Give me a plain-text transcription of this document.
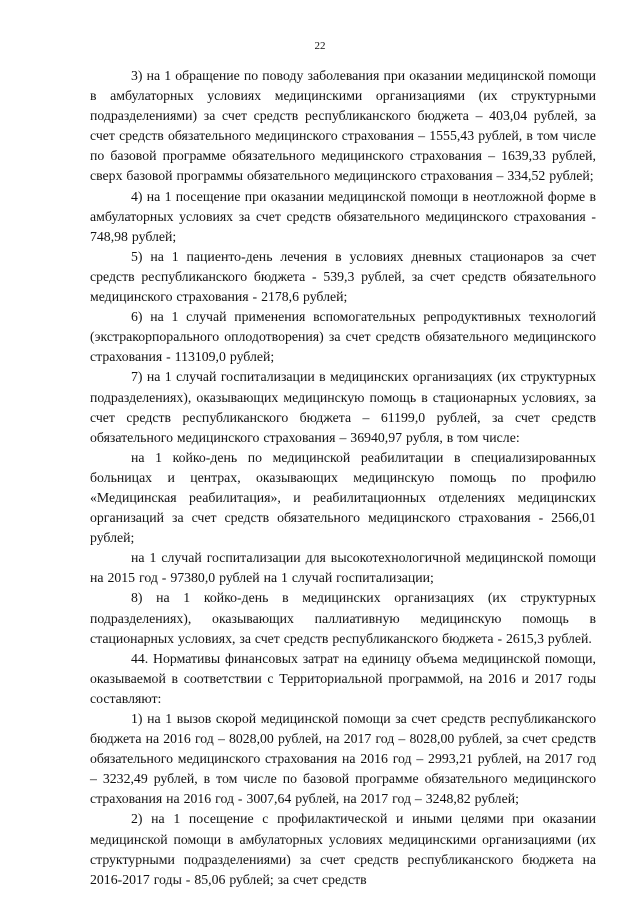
22

3) на 1 обращение по поводу заболевания при оказании медицинской помощи в амбулаторных условиях медицинскими организациями (их структурными подразделениями) за счет средств республиканского бюджета – 403,04 рублей, за счет средств обязательного медицинского страхования – 1555,43 рублей, в том числе по базовой программе обязательного медицинского страхования – 1639,33 рублей, сверх базовой программы обязательного медицинского страхования – 334,52 рублей;

4) на 1 посещение при оказании медицинской помощи в неотложной форме в амбулаторных условиях за счет средств обязательного медицинского страхования - 748,98 рублей;

5) на 1 пациенто-день лечения в условиях дневных стационаров за счет средств республиканского бюджета - 539,3 рублей, за счет средств обязательного медицинского страхования - 2178,6 рублей;

6) на 1 случай применения вспомогательных репродуктивных технологий (экстракорпорального оплодотворения) за счет средств обязательного медицинского страхования - 113109,0 рублей;

7) на 1 случай госпитализации в медицинских организациях (их структурных подразделениях), оказывающих медицинскую помощь в стационарных условиях, за счет средств республиканского бюджета – 61199,0 рублей, за счет средств обязательного медицинского страхования – 36940,97 рубля, в том числе:

на 1 койко-день по медицинской реабилитации в специализированных больницах и центрах, оказывающих медицинскую помощь по профилю «Медицинская реабилитация», и реабилитационных отделениях медицинских организаций за счет средств обязательного медицинского страхования - 2566,01 рублей;

на 1 случай госпитализации для высокотехнологичной медицинской помощи на 2015 год - 97380,0 рублей на 1 случай госпитализации;

8) на 1 койко-день в медицинских организациях (их структурных подразделениях), оказывающих паллиативную медицинскую помощь в стационарных условиях, за счет средств республиканского бюджета - 2615,3 рублей.

44. Нормативы финансовых затрат на единицу объема медицинской помощи, оказываемой в соответствии с Территориальной программой, на 2016 и 2017 годы составляют:

1) на 1 вызов скорой медицинской помощи за счет средств республиканского бюджета на 2016 год – 8028,00 рублей, на 2017 год – 8028,00 рублей, за счет средств обязательного медицинского страхования на 2016 год – 2993,21 рублей, на 2017 год – 3232,49 рублей, в том числе по базовой программе обязательного медицинского страхования на 2016 год - 3007,64 рублей, на 2017 год – 3248,82 рублей;

2) на 1 посещение с профилактической и иными целями при оказании медицинской помощи в амбулаторных условиях медицинскими организациями (их структурными подразделениями) за счет средств республиканского бюджета на 2016-2017 годы - 85,06 рублей; за счет средств
